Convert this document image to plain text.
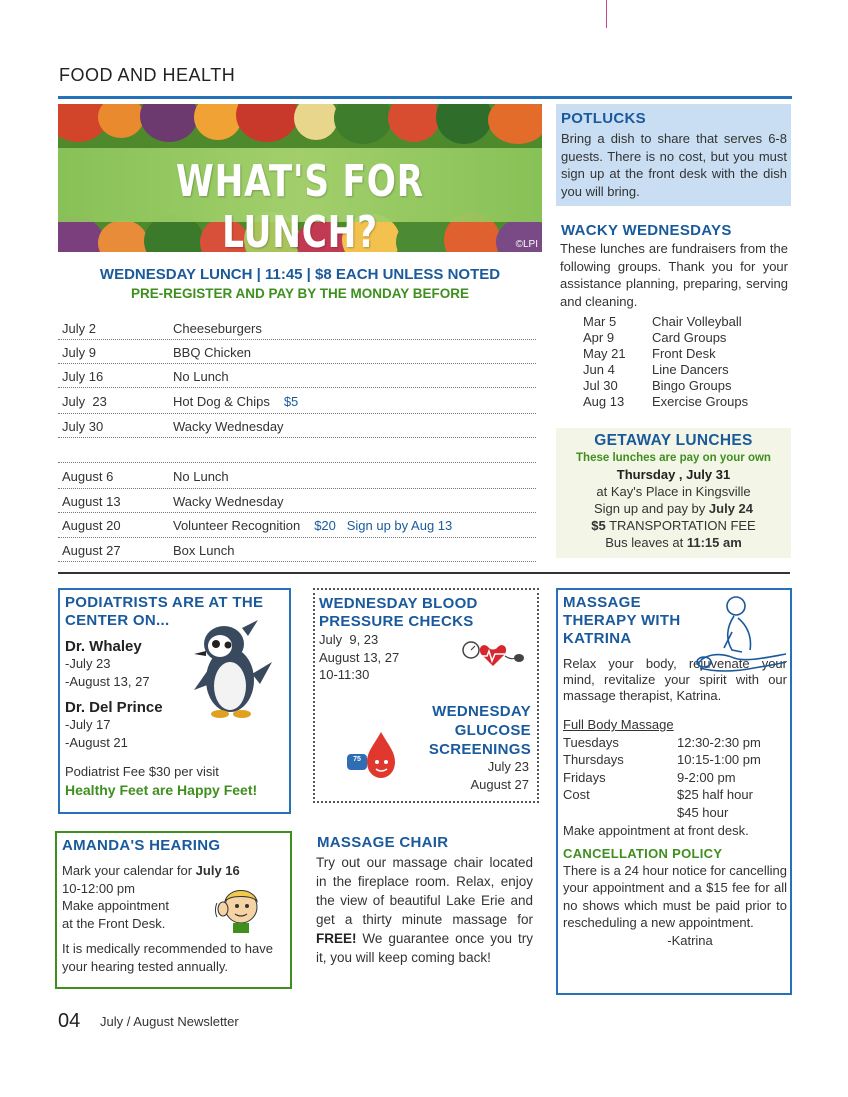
FOOD AND HEALTH
WHAT'S FOR LUNCH?	©LPI
WEDNESDAY LUNCH | 11:45 | $8 EACH UNLESS NOTED
PRE-REGISTER AND PAY BY THE MONDAY BEFORE
July 2	Cheeseburgers
July 9	BBQ Chicken
July 16	No Lunch
July  23	Hot Dog & Chips $5
July 30	Wacky Wednesday
August 6	No Lunch
August 13	Wacky Wednesday
August 20	Volunteer Recognition $20   Sign up by Aug 13
August 27	Box Lunch
POTLUCKS
Bring a dish to share that serves 6-8 guests. There is no cost, but you must sign up at the front desk with the dish you will bring.
WACKY WEDNESDAYS
These lunches are fundraisers from the following groups. Thank you for your assistance planning, preparing, serving and cleaning.
Mar 5	Chair Volleyball
Apr 9	Card Groups
May 21 Front Desk
Jun 4	Line Dancers
Jul 30	Bingo Groups
Aug 13 Exercise Groups
GETAWAY LUNCHES
These lunches are pay on your own
Thursday , July 31
at Kay's Place in Kingsville
Sign up and pay by July 24
$5 TRANSPORTATION FEE
Bus leaves at 11:15 am
PODIATRISTS ARE AT THE CENTER ON...
Dr. Whaley
-July 23
-August 13, 27
Dr. Del Prince
-July 17
-August 21
Podiatrist Fee $30 per visit
Healthy Feet are Happy Feet!
WEDNESDAY BLOOD PRESSURE CHECKS
July  9, 23
August 13, 27
10-11:30
WEDNESDAY GLUCOSE SCREENINGS
July 23
August 27
75
MASSAGE THERAPY WITH KATRINA
Relax your body, rejuvenate your mind, revitalize your spirit with our massage therapist, Katrina.
Full Body Massage
Tuesdays	12:30-2:30 pm
Thursdays	10:15-1:00 pm
Fridays	9-2:00 pm
Cost	$25 half hour
$45 hour
Make appointment at front desk.
CANCELLATION POLICY
There is a 24 hour notice for cancelling your appointment and a $15 fee for all no shows which must be paid prior to rescheduling a new appointment.
-Katrina
AMANDA'S HEARING
Mark your calendar for July 16
10-12:00 pm
Make appointment
at the Front Desk.
It is medically recommended to have your hearing tested annually.
MASSAGE CHAIR
Try out our massage chair located in the fireplace room. Relax, enjoy the view of beautiful Lake Erie and get a thirty minute massage for FREE! We guarantee once you try it, you will keep coming back!
04 July / August Newsletter
